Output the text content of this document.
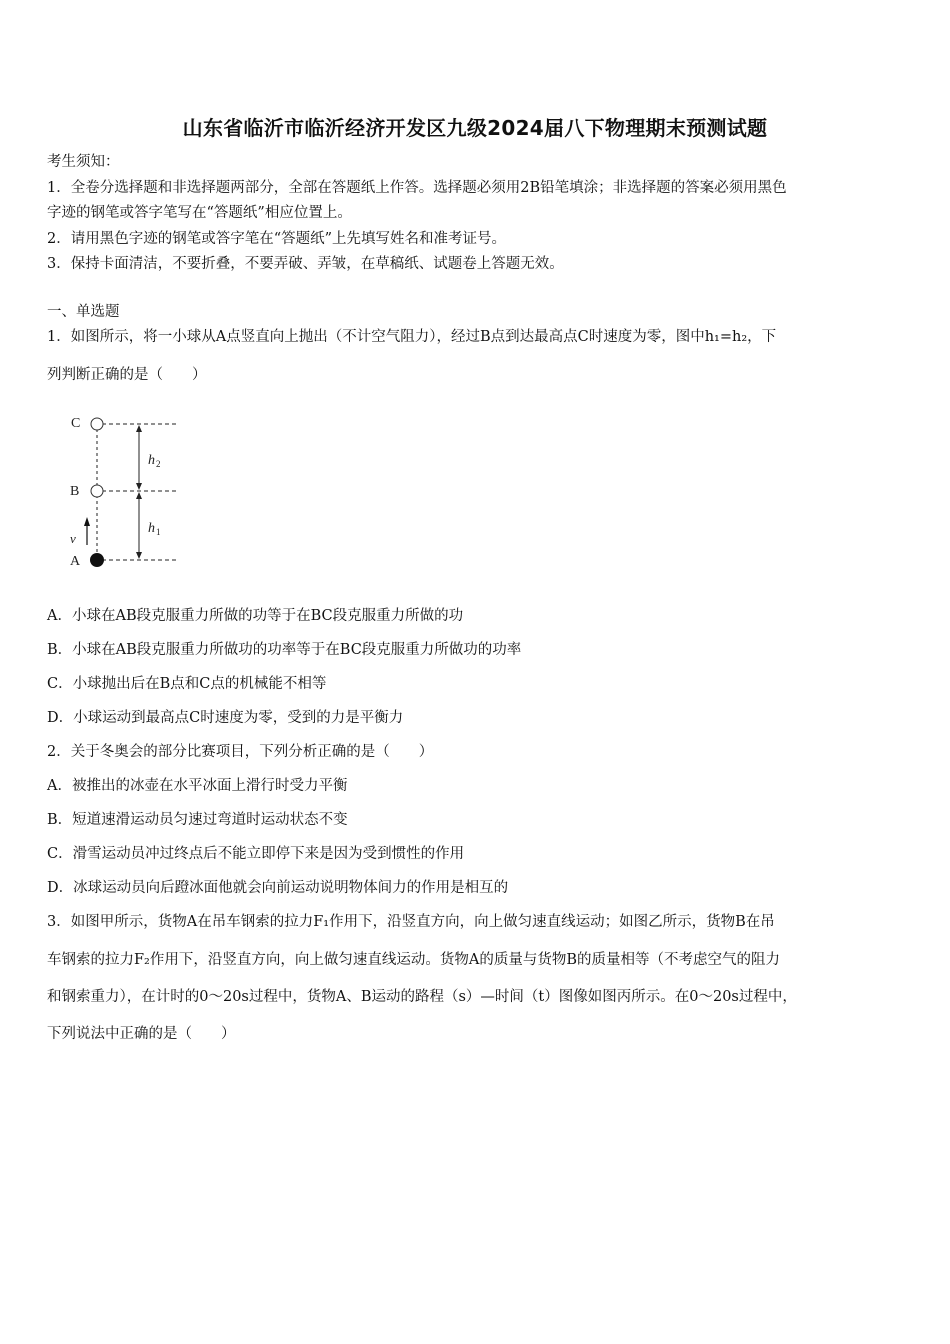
山东省临沂市临沂经济开发区九级2024届八下物理期末预测试题
考生须知：
1．全卷分选择题和非选择题两部分，全部在答题纸上作答。选择题必须用2B铅笔填涂；非选择题的答案必须用黑色
字迹的钢笔或答字笔写在“答题纸”相应位置上。
2．请用黑色字迹的钢笔或答字笔在“答题纸”上先填写姓名和准考证号。
3．保持卡面清洁，不要折叠，不要弄破、弄皱，在草稿纸、试题卷上答题无效。
一、单选题
1．如图所示，将一小球从A点竖直向上抛出（不计空气阻力），经过B点到达最高点C时速度为零，图中h₁=h₂，下
列判断正确的是（　　）
C
B
A
v
h 2
h 1
A．小球在AB段克服重力所做的功等于在BC段克服重力所做的功
B．小球在AB段克服重力所做功的功率等于在BC段克服重力所做功的功率
C．小球抛出后在B点和C点的机械能不相等
D．小球运动到最高点C时速度为零，受到的力是平衡力
2．关于冬奥会的部分比赛项目，下列分析正确的是（　　）
A．被推出的冰壶在水平冰面上滑行时受力平衡
B．短道速滑运动员匀速过弯道时运动状态不变
C．滑雪运动员冲过终点后不能立即停下来是因为受到惯性的作用
D．冰球运动员向后蹬冰面他就会向前运动说明物体间力的作用是相互的
3．如图甲所示，货物A在吊车钢索的拉力F₁作用下，沿竖直方向，向上做匀速直线运动；如图乙所示，货物B在吊
车钢索的拉力F₂作用下，沿竖直方向，向上做匀速直线运动。货物A的质量与货物B的质量相等（不考虑空气的阻力
和钢索重力），在计时的0～20s过程中，货物A、B运动的路程（s）—时间（t）图像如图丙所示。在0～20s过程中，
下列说法中正确的是（　　）
